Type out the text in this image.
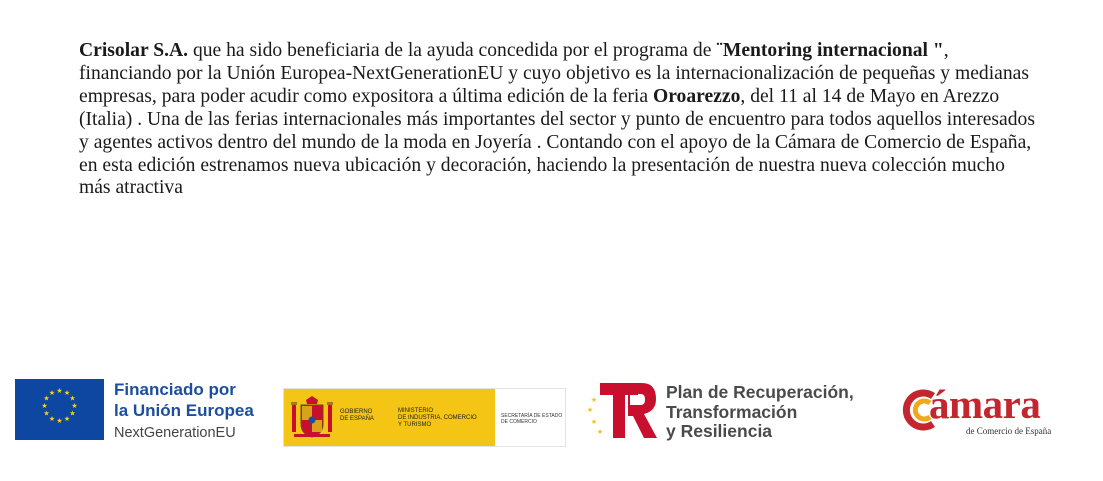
Crisolar S.A. que ha sido beneficiaria de la ayuda concedida por el programa de ¨Mentoring internacional ", financiando por la Unión Europea-NextGenerationEU y cuyo objetivo es la internacionalización de pequeñas y medianas empresas, para poder acudir como expositora a última edición de la feria Oroarezzo, del 11 al 14 de Mayo en Arezzo (Italia) . Una de las ferias internacionales más importantes del sector y punto de encuentro para todos aquellos interesados y agentes activos dentro del mundo de la moda en Joyería . Contando con el apoyo de la Cámara de Comercio de España, en esta edición estrenamos nueva ubicación y decoración, haciendo la presentación de nuestra nueva colección mucho más atractiva

★ ★
★
★
★
★
★
★
★
★
★
★	Financiado por
la Unión Europea
NextGenerationEU
GOBIERNO
DE ESPAÑA
MINISTERIO
DE INDUSTRIA, COMERCIO
Y TURISMO
SECRETARÍA DE ESTADO
DE COMERCIO
★
★
★
★
Plan de Recuperación,
Transformación
y Resiliencia
ámara
de Comercio de España
